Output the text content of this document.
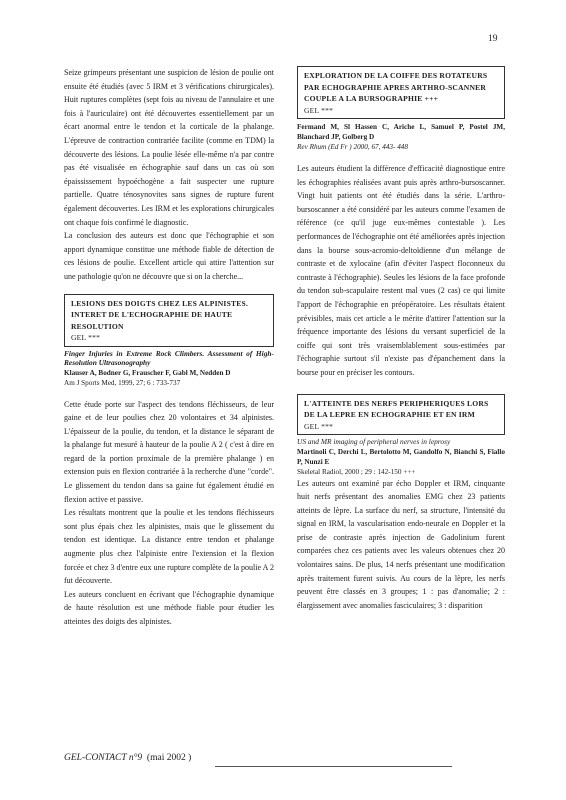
19

Seize grimpeurs présentant une suspicion de lésion de poulie ont ensuite été étudiés (avec 5 IRM et 3 vérifications chirurgicales). Huit ruptures complètes (sept fois au niveau de l'annulaire et une fois à l'auriculaire) ont été découvertes essentiellement par un écart anormal entre le tendon et la corticale de la phalange. L'épreuve de contraction contrariée facilite (comme en TDM) la découverte des lésions. La poulie lésée elle-même n'a par contre pas été visualisée en échographie sauf dans un cas où son épaississement hypoéchogène a fait suspecter une rupture partielle. Quatre ténosynovites sans signes de rupture furent également découvertes. Les IRM et les explorations chirurgicales ont chaque fois confirmé le diagnostic.

La conclusion des auteurs est donc que l'échographie et son apport dynamique constitue une méthode fiable de détection de ces lésions de poulie. Excellent article qui attire l'attention sur une pathologie qu'on ne découvre que si on la cherche...

LESIONS DES DOIGTS CHEZ LES ALPINISTES. INTERET DE L'ECHOGRAPHIE DE HAUTE RESOLUTION
GEL ***
Finger Injuries in Extreme Rock Climbers. Assessment of High-Resolution Ultrasonography
Klauser A, Bodner G, Frauscher F, Gabl M, Nedden D
Am J Sports Med, 1999, 27; 6 : 733-737

Cette étude porte sur l'aspect des tendons fléchisseurs, de leur gaine et de leur poulies chez 20 volontaires et 34 alpinistes. L'épaisseur de la poulie, du tendon, et la distance le séparant de la phalange fut mesuré à hauteur de la poulie A 2 ( c'est à dire en regard de la portion proximale de la première phalange ) en extension puis en flexion contrariée à la recherche d'une "corde". Le glissement du tendon dans sa gaine fut également étudié en flexion active et passive.

Les résultats montrent que la poulie et les tendons fléchisseurs sont plus épais chez les alpinistes, mais que le glissement du tendon est identique. La distance entre tendon et phalange augmente plus chez l'alpiniste entre l'extension et la flexion forcée et chez 3 d'entre eux une rupture complète de la poulie A 2 fut découverte.

Les auteurs concluent en écrivant que l'échographie dynamique de haute résolution est une méthode fiable pour étudier les atteintes des doigts des alpinistes.

EXPLORATION DE LA COIFFE DES ROTATEURS PAR ECHOGRAPHIE APRES ARTHRO-SCANNER COUPLE A LA BURSOGRAPHIE +++
GEL ***
Fermand M, Sl Hassen C, Ariche L, Samuel P, Postel JM, Blanchard JP, Golberg D
Rev Rhum (Ed Fr ) 2000, 67, 443- 448

Les auteurs étudient la différence d'efficacité diagnostique entre les échographies réalisées avant puis après arthro-bursoscanner. Vingt huit patients ont été étudiés dans la série. L'arthro-bursoscanner a été considéré par les auteurs comme l'examen de référence (ce qu'il juge eux-mêmes contestable ). Les performances de l'échographie ont été améliorées après injection dans la bourse sous-acromio-deltoïdienne d'un mélange de contraste et de xylocaïne (afin d'éviter l'aspect floconneux du contraste à l'échographie). Seules les lésions de la face profonde du tendon sub-scapulaire restent mal vues (2 cas) ce qui limite l'apport de l'échographie en préopératoire. Les résultats étaient prévisibles, mais cet article a le mérite d'attirer l'attention sur la fréquence importante des lésions du versant superficiel de la coiffe qui sont très vraisemblablement sous-estimées par l'échographie surtout s'il n'existe pas d'épanchement dans la bourse pour en préciser les contours.

L'ATTEINTE DES NERFS PERIPHERIQUES LORS DE LA LEPRE EN ECHOGRAPHIE ET EN IRM
GEL ***
US and MR imaging of peripheral nerves in leprosy
Martinoli C, Derchi L, Bertolotto M, Gandolfo N, Bianchi S, Fiallo P, Nunzi E
Skeletal Radiol, 2000 ; 29 : 142-150 +++

Les auteurs ont examiné par écho Doppler et IRM, cinquante huit nerfs présentant des anomalies EMG chez 23 patients atteints de lèpre. La surface du nerf, sa structure, l'intensité du signal en IRM, la vascularisation endo-neurale en Doppler et la prise de contraste après injection de Gadolinium furent comparées chez ces patients avec les valeurs obtenues chez 20 volontaires sains. De plus, 14 nerfs présentant une modification après traitement furent suivis. Au cours de la lèpre, les nerfs peuvent être classés en 3 groupes; 1 : pas d'anomalie; 2 : élargissement avec anomalies fasciculaires; 3 : disparition

GEL-CONTACT n°9 (mai 2002 )
